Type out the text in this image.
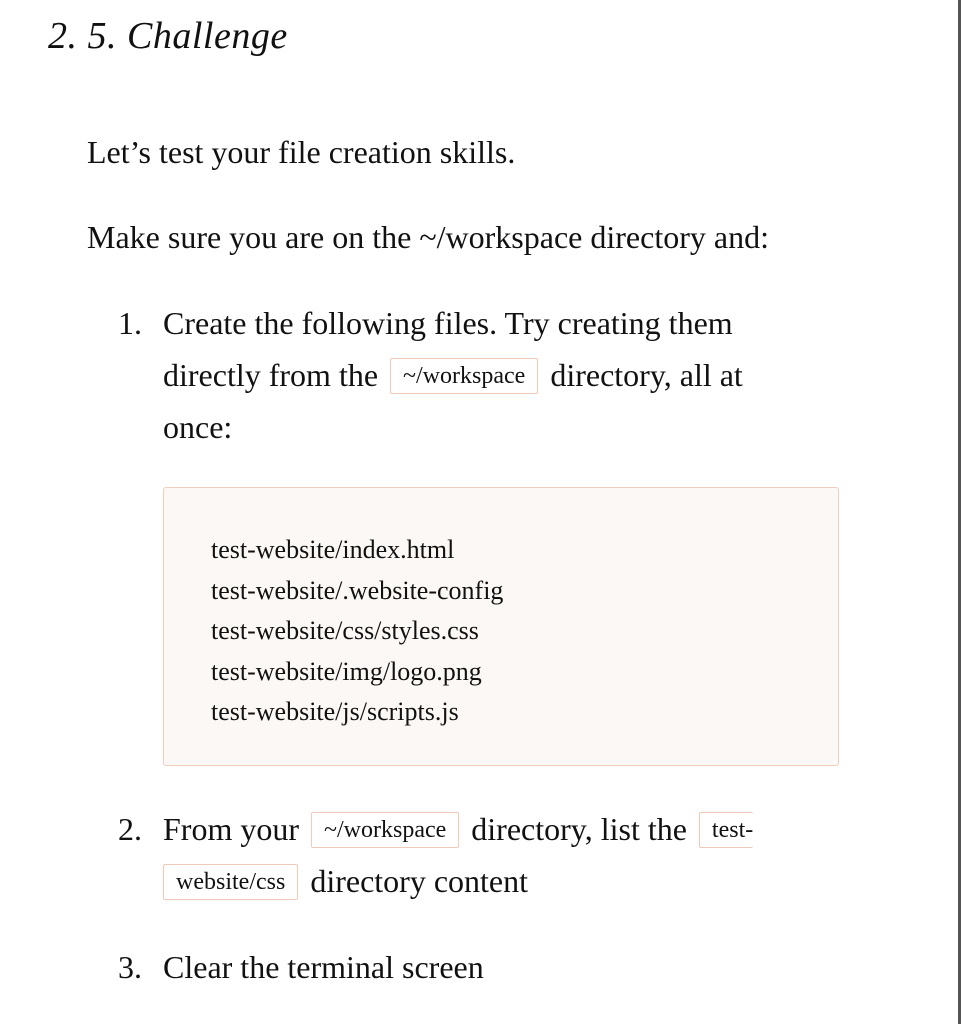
2. 5. Challenge

Let’s test your file creation skills.

Make sure you are on the ~/workspace directory and:

1. Create the following files. Try creating them
directly from the ~/workspace directory, all at
once:
test-website/index.html
test-website/.website-config
test-website/css/styles.css
test-website/img/logo.png
test-website/js/scripts.js
2. From your ~/workspace directory, list the test-
website/css directory content
3. Clear the terminal screen
